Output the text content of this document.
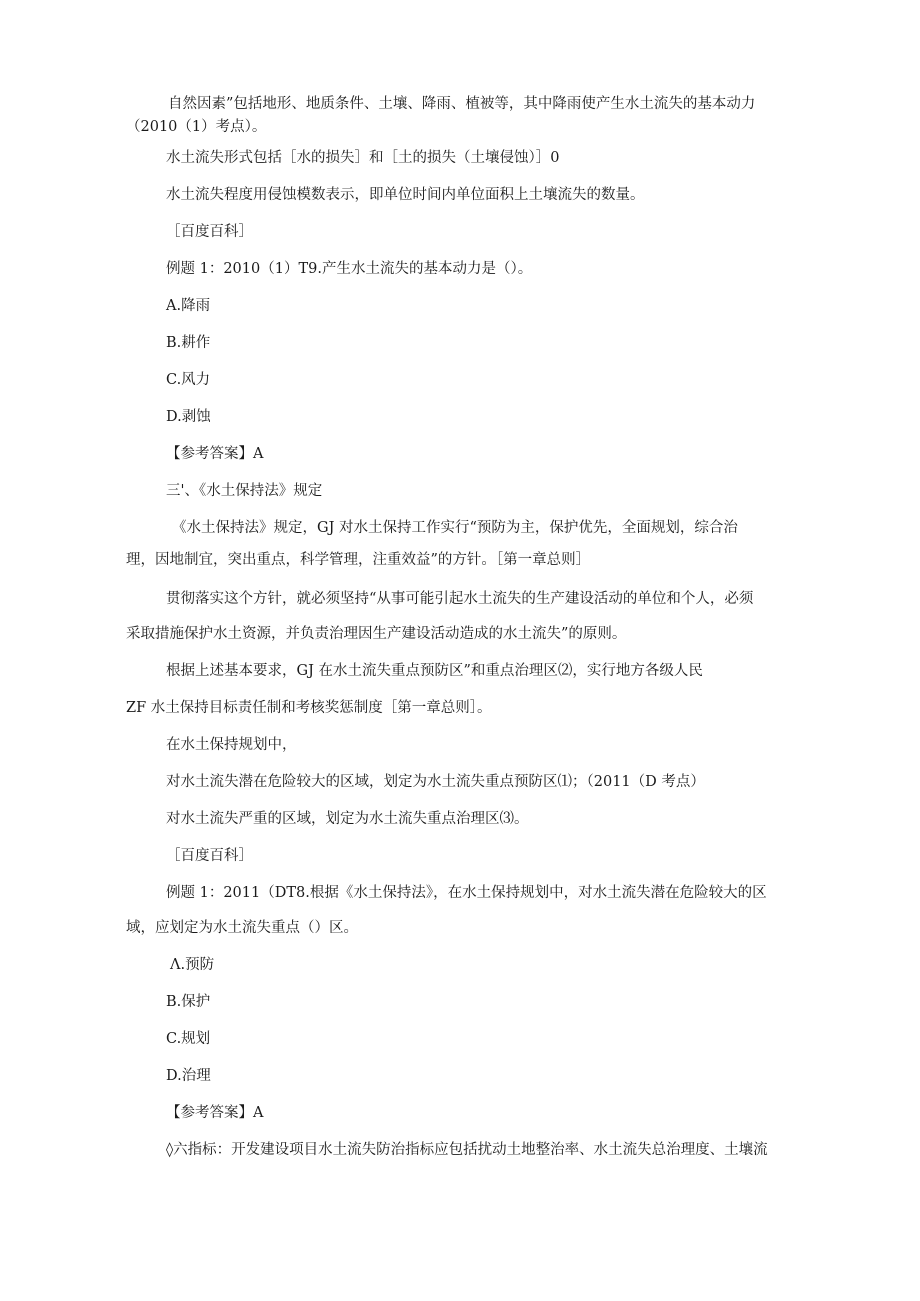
自然因素”包括地形、地质条件、土壤、降雨、植被等，其中降雨使产生水土流失的基本动力
（2010（1）考点）。
水土流失形式包括［水的损失］和［土的损失（土壤侵蚀）］0
水土流失程度用侵蚀模数表示，即单位时间内单位面积上土壤流失的数量。
［百度百科］
例题 1：2010（1）T9.产生水土流失的基本动力是（）。
A.降雨
B.耕作
C.风力
D.剥蚀
【参考答案】A
三'、《水土保持法》规定
《水土保持法》规定，GJ 对水土保持工作实行“预防为主，保护优先，全面规划，综合治
理，因地制宜，突出重点，科学管理，注重效益”的方针。［第一章总则］
贯彻落实这个方针，就必须坚持“从事可能引起水土流失的生产建设活动的单位和个人，必须
采取措施保护水土资源，并负责治理因生产建设活动造成的水土流失”的原则。
根据上述基本要求，GJ 在水土流失重点预防区”和重点治理区⑵，实行地方各级人民
ZF 水土保持目标责任制和考核奖惩制度［第一章总则］。
在水土保持规划中，
对水土流失潜在危险较大的区域，划定为水土流失重点预防区⑴；（2011（D 考点）
对水土流失严重的区域，划定为水土流失重点治理区⑶。
［百度百科］
例题 1：2011（DT8.根据《水土保持法》，在水土保持规划中，对水土流失潜在危险较大的区
域，应划定为水土流失重点（）区。
Λ.预防
B.保护
C.规划
D.治理
【参考答案】A
◊六指标：开发建设项目水土流失防治指标应包括扰动土地整治率、水土流失总治理度、土壤流
